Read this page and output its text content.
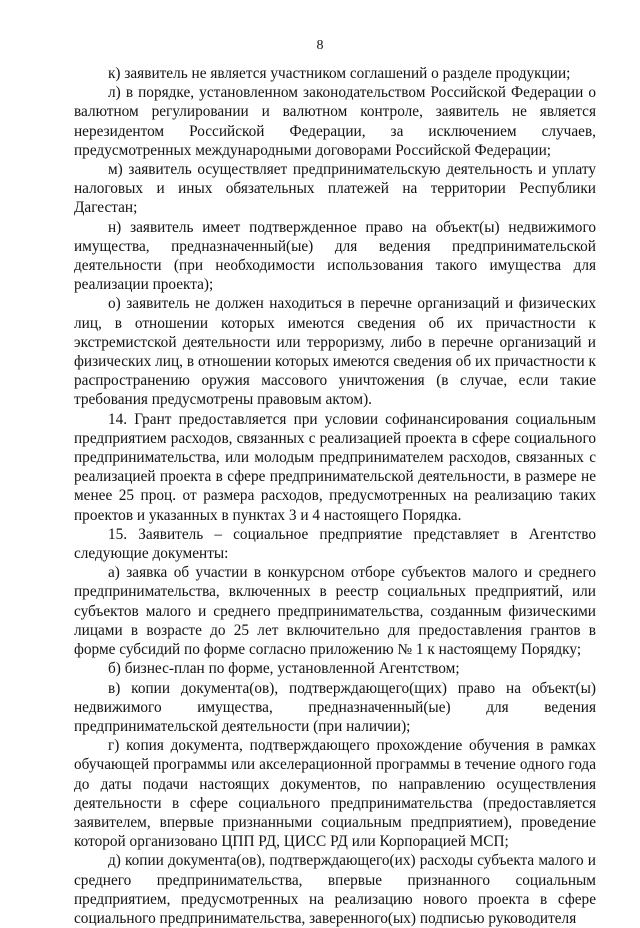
8

к) заявитель не является участником соглашений о разделе продукции;

л) в порядке, установленном законодательством Российской Федерации о валютном регулировании и валютном контроле, заявитель не является нерезидентом Российской Федерации, за исключением случаев, предусмотренных международными договорами Российской Федерации;

м) заявитель осуществляет предпринимательскую деятельность и уплату налоговых и иных обязательных платежей на территории Республики Дагестан;

н) заявитель имеет подтвержденное право на объект(ы) недвижимого имущества, предназначенный(ые) для ведения предпринимательской деятельности (при необходимости использования такого имущества для реализации проекта);

о) заявитель не должен находиться в перечне организаций и физических лиц, в отношении которых имеются сведения об их причастности к экстремистской деятельности или терроризму, либо в перечне организаций и физических лиц, в отношении которых имеются сведения об их причастности к распространению оружия массового уничтожения (в случае, если такие требования предусмотрены правовым актом).

14. Грант предоставляется при условии софинансирования социальным предприятием расходов, связанных с реализацией проекта в сфере социального предпринимательства, или молодым предпринимателем расходов, связанных с реализацией проекта в сфере предпринимательской деятельности, в размере не менее 25 проц. от размера расходов, предусмотренных на реализацию таких проектов и указанных в пунктах 3 и 4 настоящего Порядка.

15. Заявитель – социальное предприятие представляет в Агентство следующие документы:

а) заявка об участии в конкурсном отборе субъектов малого и среднего предпринимательства, включенных в реестр социальных предприятий, или субъектов малого и среднего предпринимательства, созданным физическими лицами в возрасте до 25 лет включительно для предоставления грантов в форме субсидий по форме согласно приложению № 1 к настоящему Порядку;

б) бизнес-план по форме, установленной Агентством;

в) копии документа(ов), подтверждающего(щих) право на объект(ы) недвижимого имущества, предназначенный(ые) для ведения предпринимательской деятельности (при наличии);

г) копия документа, подтверждающего прохождение обучения в рамках обучающей программы или акселерационной программы в течение одного года до даты подачи настоящих документов, по направлению осуществления деятельности в сфере социального предпринимательства (предоставляется заявителем, впервые признанными социальным предприятием), проведение которой организовано ЦПП РД, ЦИСС РД или Корпорацией МСП;

д) копии документа(ов), подтверждающего(их) расходы субъекта малого и среднего предпринимательства, впервые признанного социальным предприятием, предусмотренных на реализацию нового проекта в сфере социального предпринимательства, заверенного(ых) подписью руководителя
